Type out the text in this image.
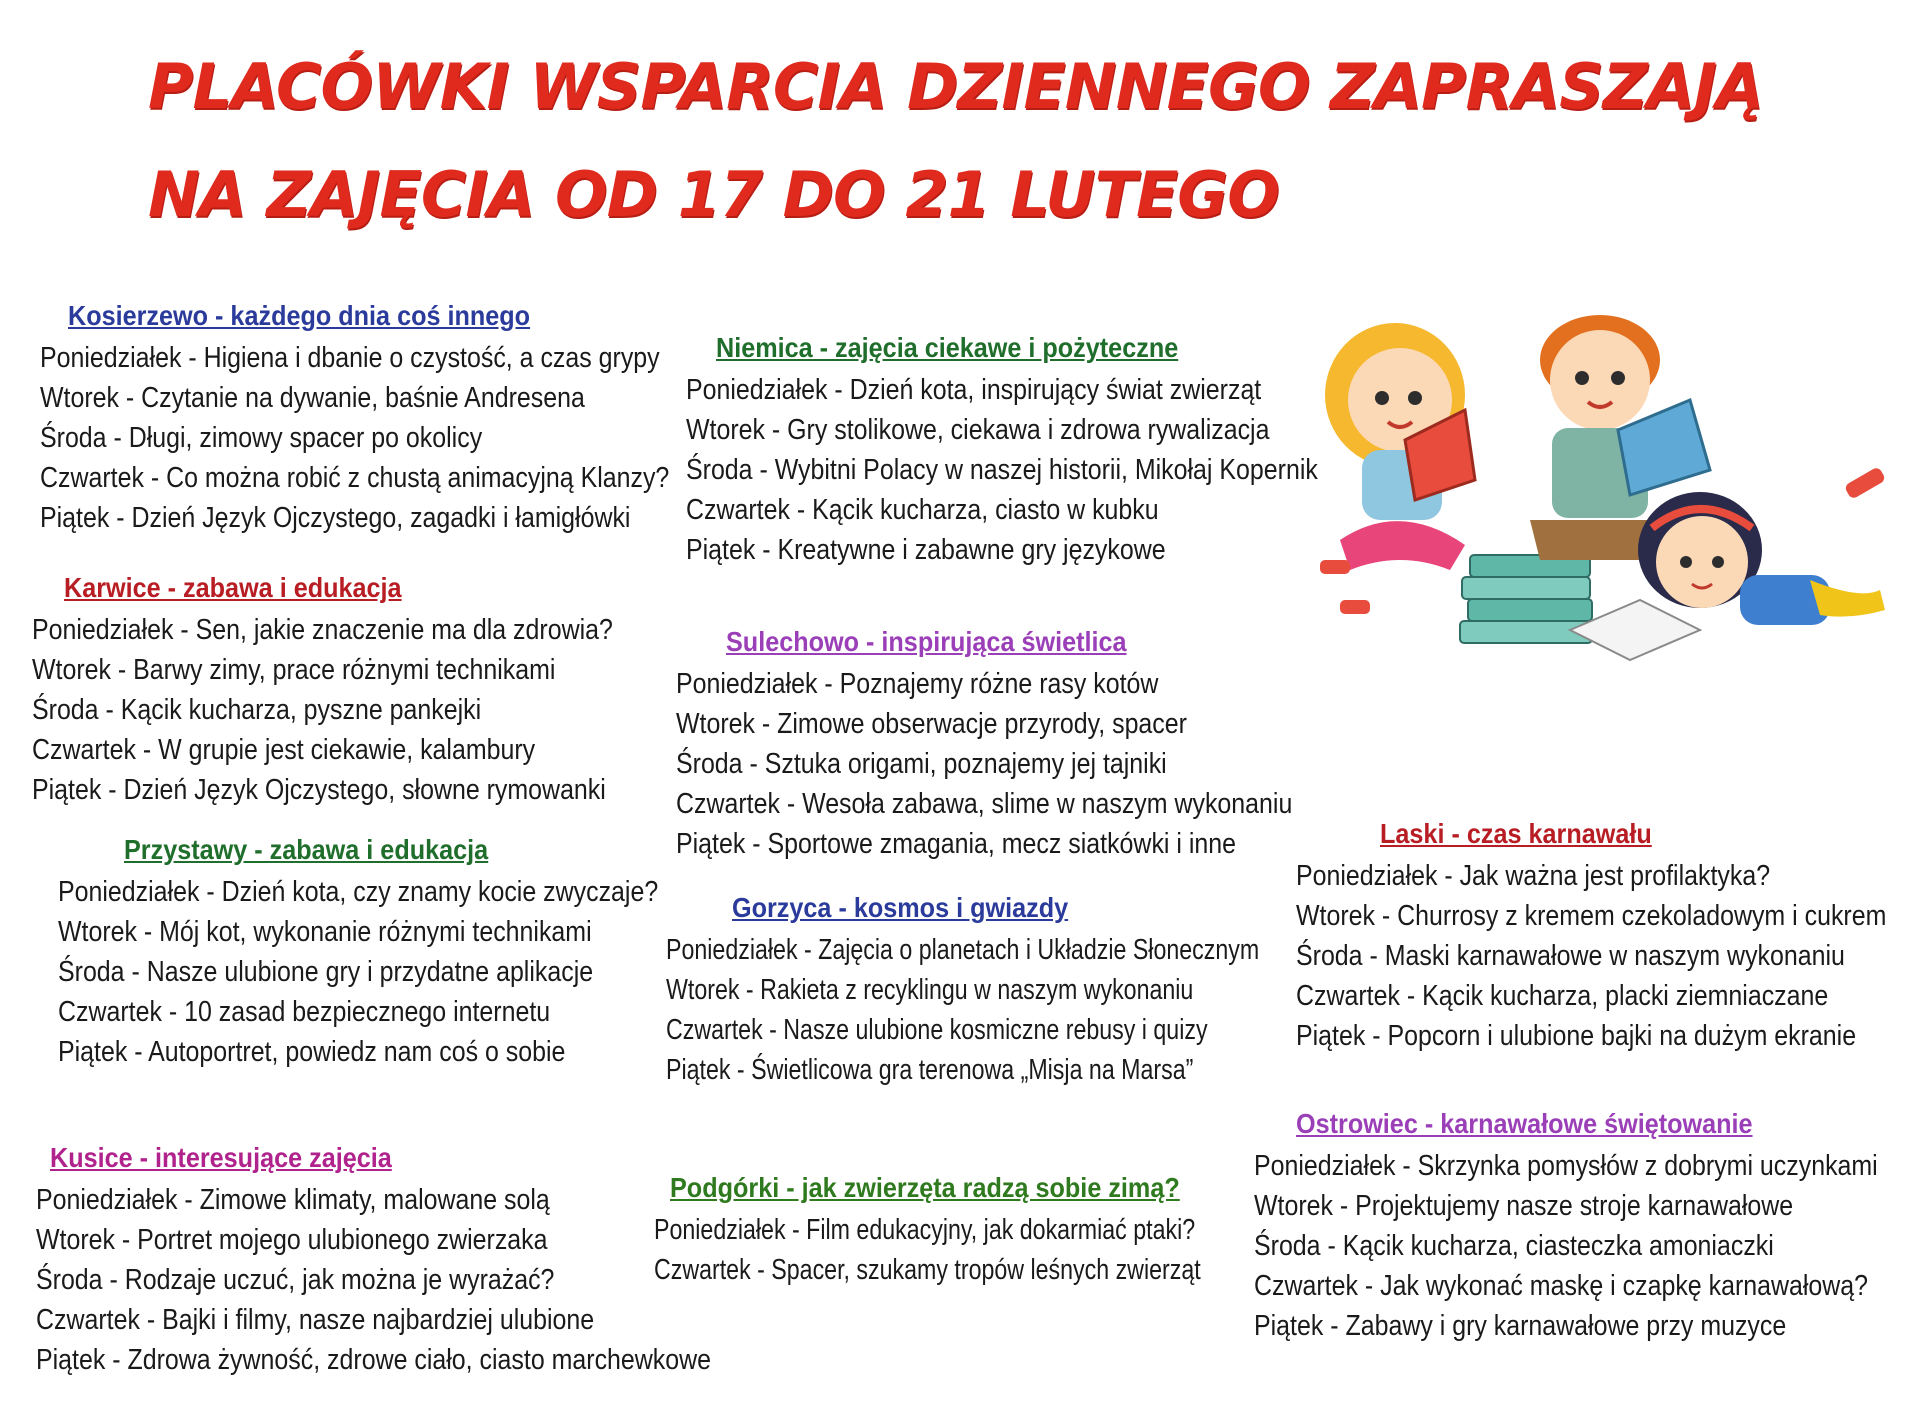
PLACÓWKI WSPARCIA DZIENNEGO ZAPRASZAJĄ
NA ZAJĘCIA OD 17 DO 21 LUTEGO
Kosierzewo - każdego dnia coś innego
Poniedziałek - Higiena i dbanie o czystość, a czas grypy
Wtorek - Czytanie na dywanie, baśnie Andresena
Środa - Długi, zimowy spacer po okolicy
Czwartek - Co można robić z chustą animacyjną Klanzy?
Piątek - Dzień Język Ojczystego, zagadki i łamigłówki
Karwice - zabawa i edukacja
Poniedziałek - Sen, jakie znaczenie ma dla zdrowia?
Wtorek - Barwy zimy, prace różnymi technikami
Środa - Kącik kucharza, pyszne pankejki
Czwartek - W grupie jest ciekawie, kalambury
Piątek - Dzień Język Ojczystego, słowne rymowanki
Przystawy - zabawa i edukacja
Poniedziałek - Dzień kota, czy znamy kocie zwyczaje?
Wtorek - Mój kot, wykonanie różnymi technikami
Środa - Nasze ulubione gry i przydatne aplikacje
Czwartek - 10 zasad bezpiecznego internetu
Piątek - Autoportret, powiedz nam coś o sobie
Kusice - interesujące zajęcia
Poniedziałek - Zimowe klimaty, malowane solą
Wtorek - Portret mojego ulubionego zwierzaka
Środa - Rodzaje uczuć, jak można je wyrażać?
Czwartek - Bajki i filmy, nasze najbardziej ulubione
Piątek - Zdrowa żywność, zdrowe ciało, ciasto marchewkowe
Niemica - zajęcia ciekawe i pożyteczne
Poniedziałek - Dzień kota, inspirujący świat zwierząt
Wtorek - Gry stolikowe, ciekawa i zdrowa rywalizacja
Środa - Wybitni Polacy w naszej historii, Mikołaj Kopernik
Czwartek - Kącik kucharza, ciasto w kubku
Piątek - Kreatywne i zabawne gry językowe
Sulechowo - inspirująca świetlica
Poniedziałek - Poznajemy różne rasy kotów
Wtorek - Zimowe obserwacje przyrody, spacer
Środa - Sztuka origami, poznajemy jej tajniki
Czwartek - Wesoła zabawa, slime w naszym wykonaniu
Piątek - Sportowe zmagania, mecz siatkówki i inne
Gorzyca - kosmos i gwiazdy
Poniedziałek - Zajęcia o planetach i Układzie Słonecznym
Wtorek - Rakieta z recyklingu w naszym wykonaniu
Czwartek - Nasze ulubione kosmiczne rebusy i quizy
Piątek - Świetlicowa gra terenowa „Misja na Marsa”
Podgórki - jak zwierzęta radzą sobie zimą?
Poniedziałek - Film edukacyjny, jak dokarmiać ptaki?
Czwartek - Spacer, szukamy tropów leśnych zwierząt
Laski - czas karnawału
Poniedziałek - Jak ważna jest profilaktyka?
Wtorek - Churrosy z kremem czekoladowym i cukrem
Środa - Maski karnawałowe w naszym wykonaniu
Czwartek - Kącik kucharza, placki ziemniaczane
Piątek - Popcorn i ulubione bajki na dużym ekranie
Ostrowiec - karnawałowe świętowanie
Poniedziałek - Skrzynka pomysłów z dobrymi uczynkami
Wtorek - Projektujemy nasze stroje karnawałowe
Środa - Kącik kucharza, ciasteczka amoniaczki
Czwartek - Jak wykonać maskę i czapkę karnawałową?
Piątek - Zabawy i gry karnawałowe przy muzyce
